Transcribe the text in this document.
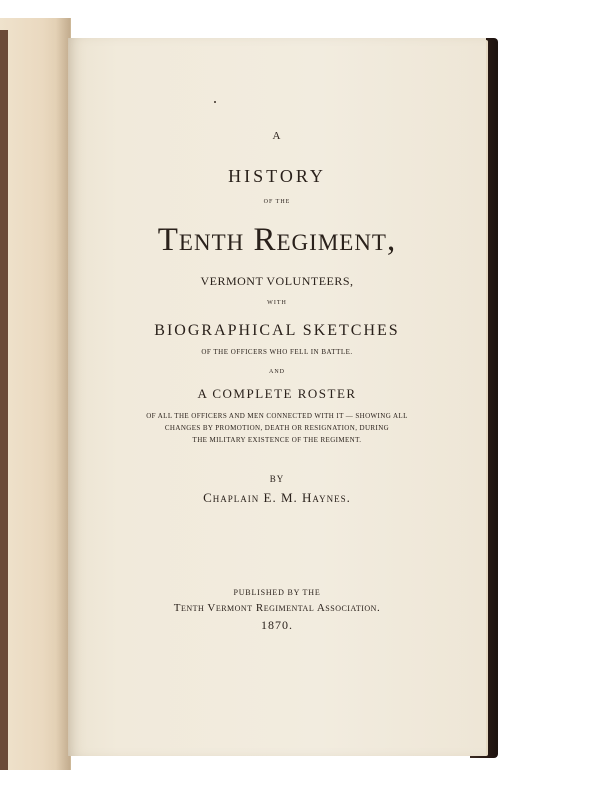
A
HISTORY
OF THE
Tenth Regiment,
VERMONT VOLUNTEERS,
WITH
BIOGRAPHICAL SKETCHES
OF THE OFFICERS WHO FELL IN BATTLE.
AND
A COMPLETE ROSTER
OF ALL THE OFFICERS AND MEN CONNECTED WITH IT — SHOWING ALL
CHANGES BY PROMOTION, DEATH OR RESIGNATION, DURING
THE MILITARY EXISTENCE OF THE REGIMENT.
BY
Chaplain E. M. Haynes.
PUBLISHED BY THE
Tenth Vermont Regimental Association.
1870.
